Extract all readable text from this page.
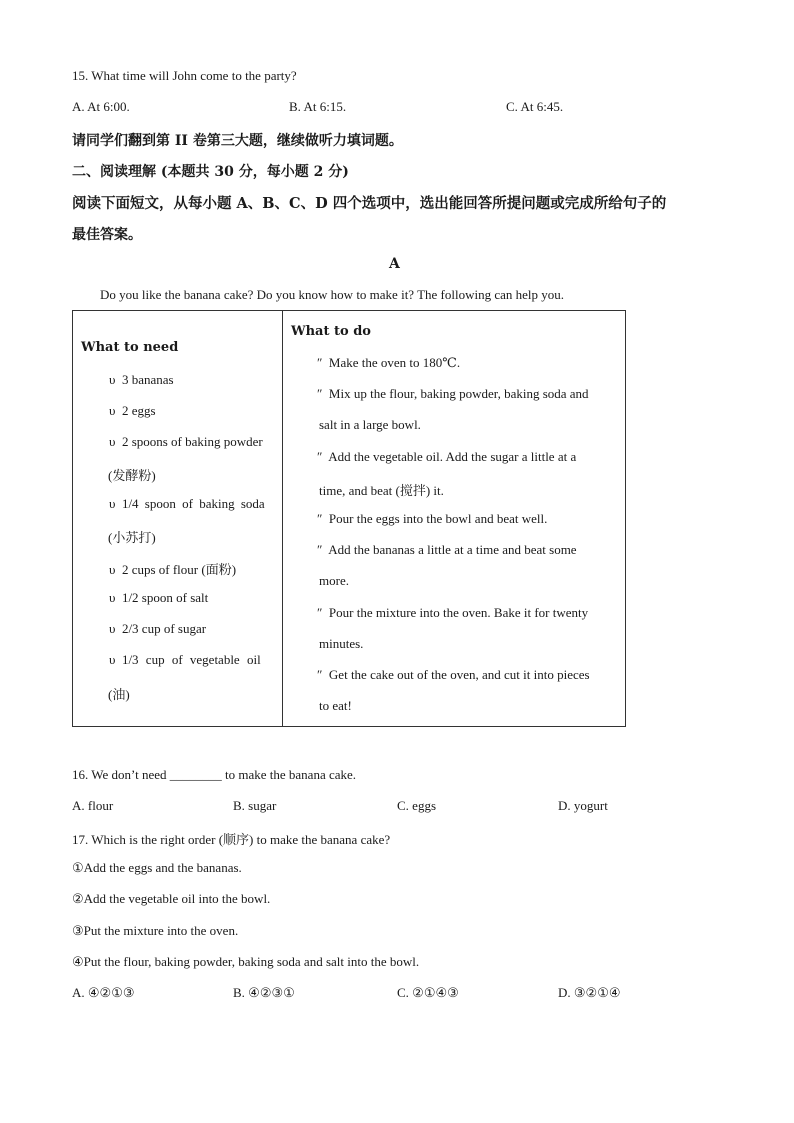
15. What time will John come to the party?
A. At 6:00.	B. At 6:15.	C. At 6:45.
请同学们翻到第 II 卷第三大题，继续做听力填词题。
二、阅读理解 (本题共 30 分，每小题 2 分)
阅读下面短文，从每小题 A、B、C、D 四个选项中，选出能回答所提问题或完成所给句子的
最佳答案。
A
Do you like the banana cake? Do you know how to make it? The following can help you.
What to need
υ 3 bananas
υ 2 eggs
υ 2 spoons of baking powder
(发酵粉)
υ 1/4 spoon of baking soda
(小苏打)
υ 2 cups of flour (面粉)
υ 1/2 spoon of salt
υ 2/3 cup of sugar
υ 1/3 cup of vegetable oil
(油)

What to do
″ Make the oven to 180℃.
″ Mix up the flour, baking powder, baking soda and
salt in a large bowl.
″ Add the vegetable oil. Add the sugar a little at a
time, and beat (搅拌) it.
″ Pour the eggs into the bowl and beat well.
″ Add the bananas a little at a time and beat some
more.
″ Pour the mixture into the oven. Bake it for twenty
minutes.
″ Get the cake out of the oven, and cut it into pieces
to eat!
16. We don’t need ________ to make the banana cake.
A. flour	B. sugar	C. eggs	D. yogurt
17. Which is the right order (顺序) to make the banana cake?
①Add the eggs and the bananas.
②Add the vegetable oil into the bowl.
③Put the mixture into the oven.
④Put the flour, baking powder, baking soda and salt into the bowl.
A. ④②①③	B. ④②③①	C. ②①④③	D. ③②①④
